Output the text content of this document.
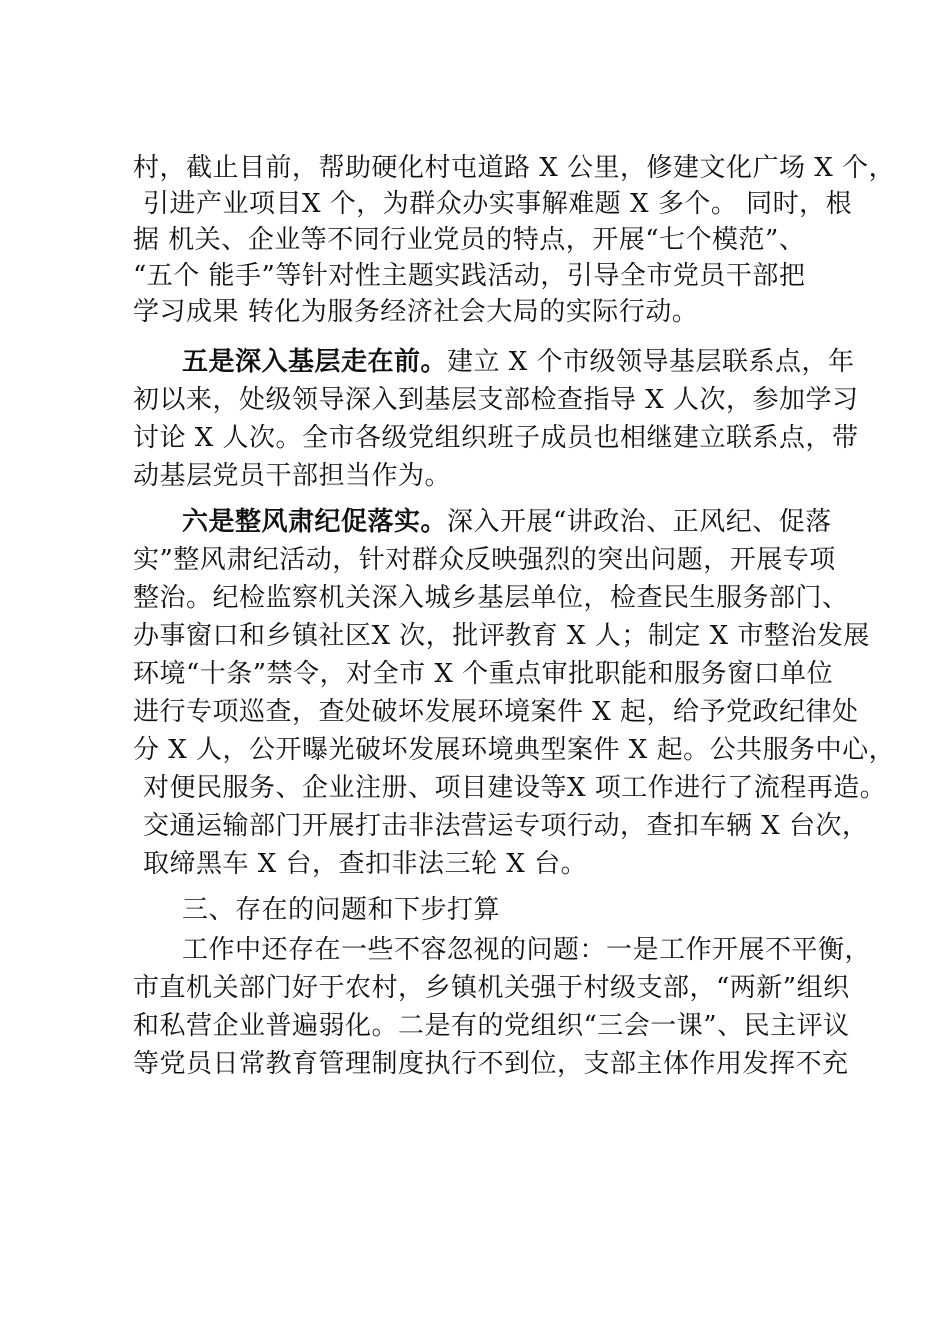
村，截止目前，帮助硬化村屯道路 X 公里，修建文化广场 X 个，
引进产业项目X 个，为群众办实事解难题 X 多个。 同时，根
据 机关、企业等不同行业党员的特点，开展“七个模范”、
“五个 能手”等针对性主题实践活动，引导全市党员干部把
学习成果 转化为服务经济社会大局的实际行动。
五是深入基层走在前。建立 X 个市级领导基层联系点，年
初以来，处级领导深入到基层支部检查指导 X 人次，参加学习
讨论 X 人次。全市各级党组织班子成员也相继建立联系点，带
动基层党员干部担当作为。
六是整风肃纪促落实。深入开展“讲政治、正风纪、促落
实”整风肃纪活动，针对群众反映强烈的突出问题，开展专项
整治。纪检监察机关深入城乡基层单位，检查民生服务部门、
办事窗口和乡镇社区X 次，批评教育 X 人；制定 X 市整治发展
环境“十条”禁令，对全市 X 个重点审批职能和服务窗口单位
进行专项巡查，查处破坏发展环境案件 X 起，给予党政纪律处
分 X 人，公开曝光破坏发展环境典型案件 X 起。公共服务中心，
对便民服务、企业注册、项目建设等X 项工作进行了流程再造。
交通运输部门开展打击非法营运专项行动，查扣车辆 X 台次，
取缔黑车 X 台，查扣非法三轮 X 台。
三、存在的问题和下步打算
工作中还存在一些不容忽视的问题：一是工作开展不平衡，
市直机关部门好于农村，乡镇机关强于村级支部，“两新”组织
和私营企业普遍弱化。二是有的党组织“三会一课”、民主评议
等党员日常教育管理制度执行不到位，支部主体作用发挥不充
